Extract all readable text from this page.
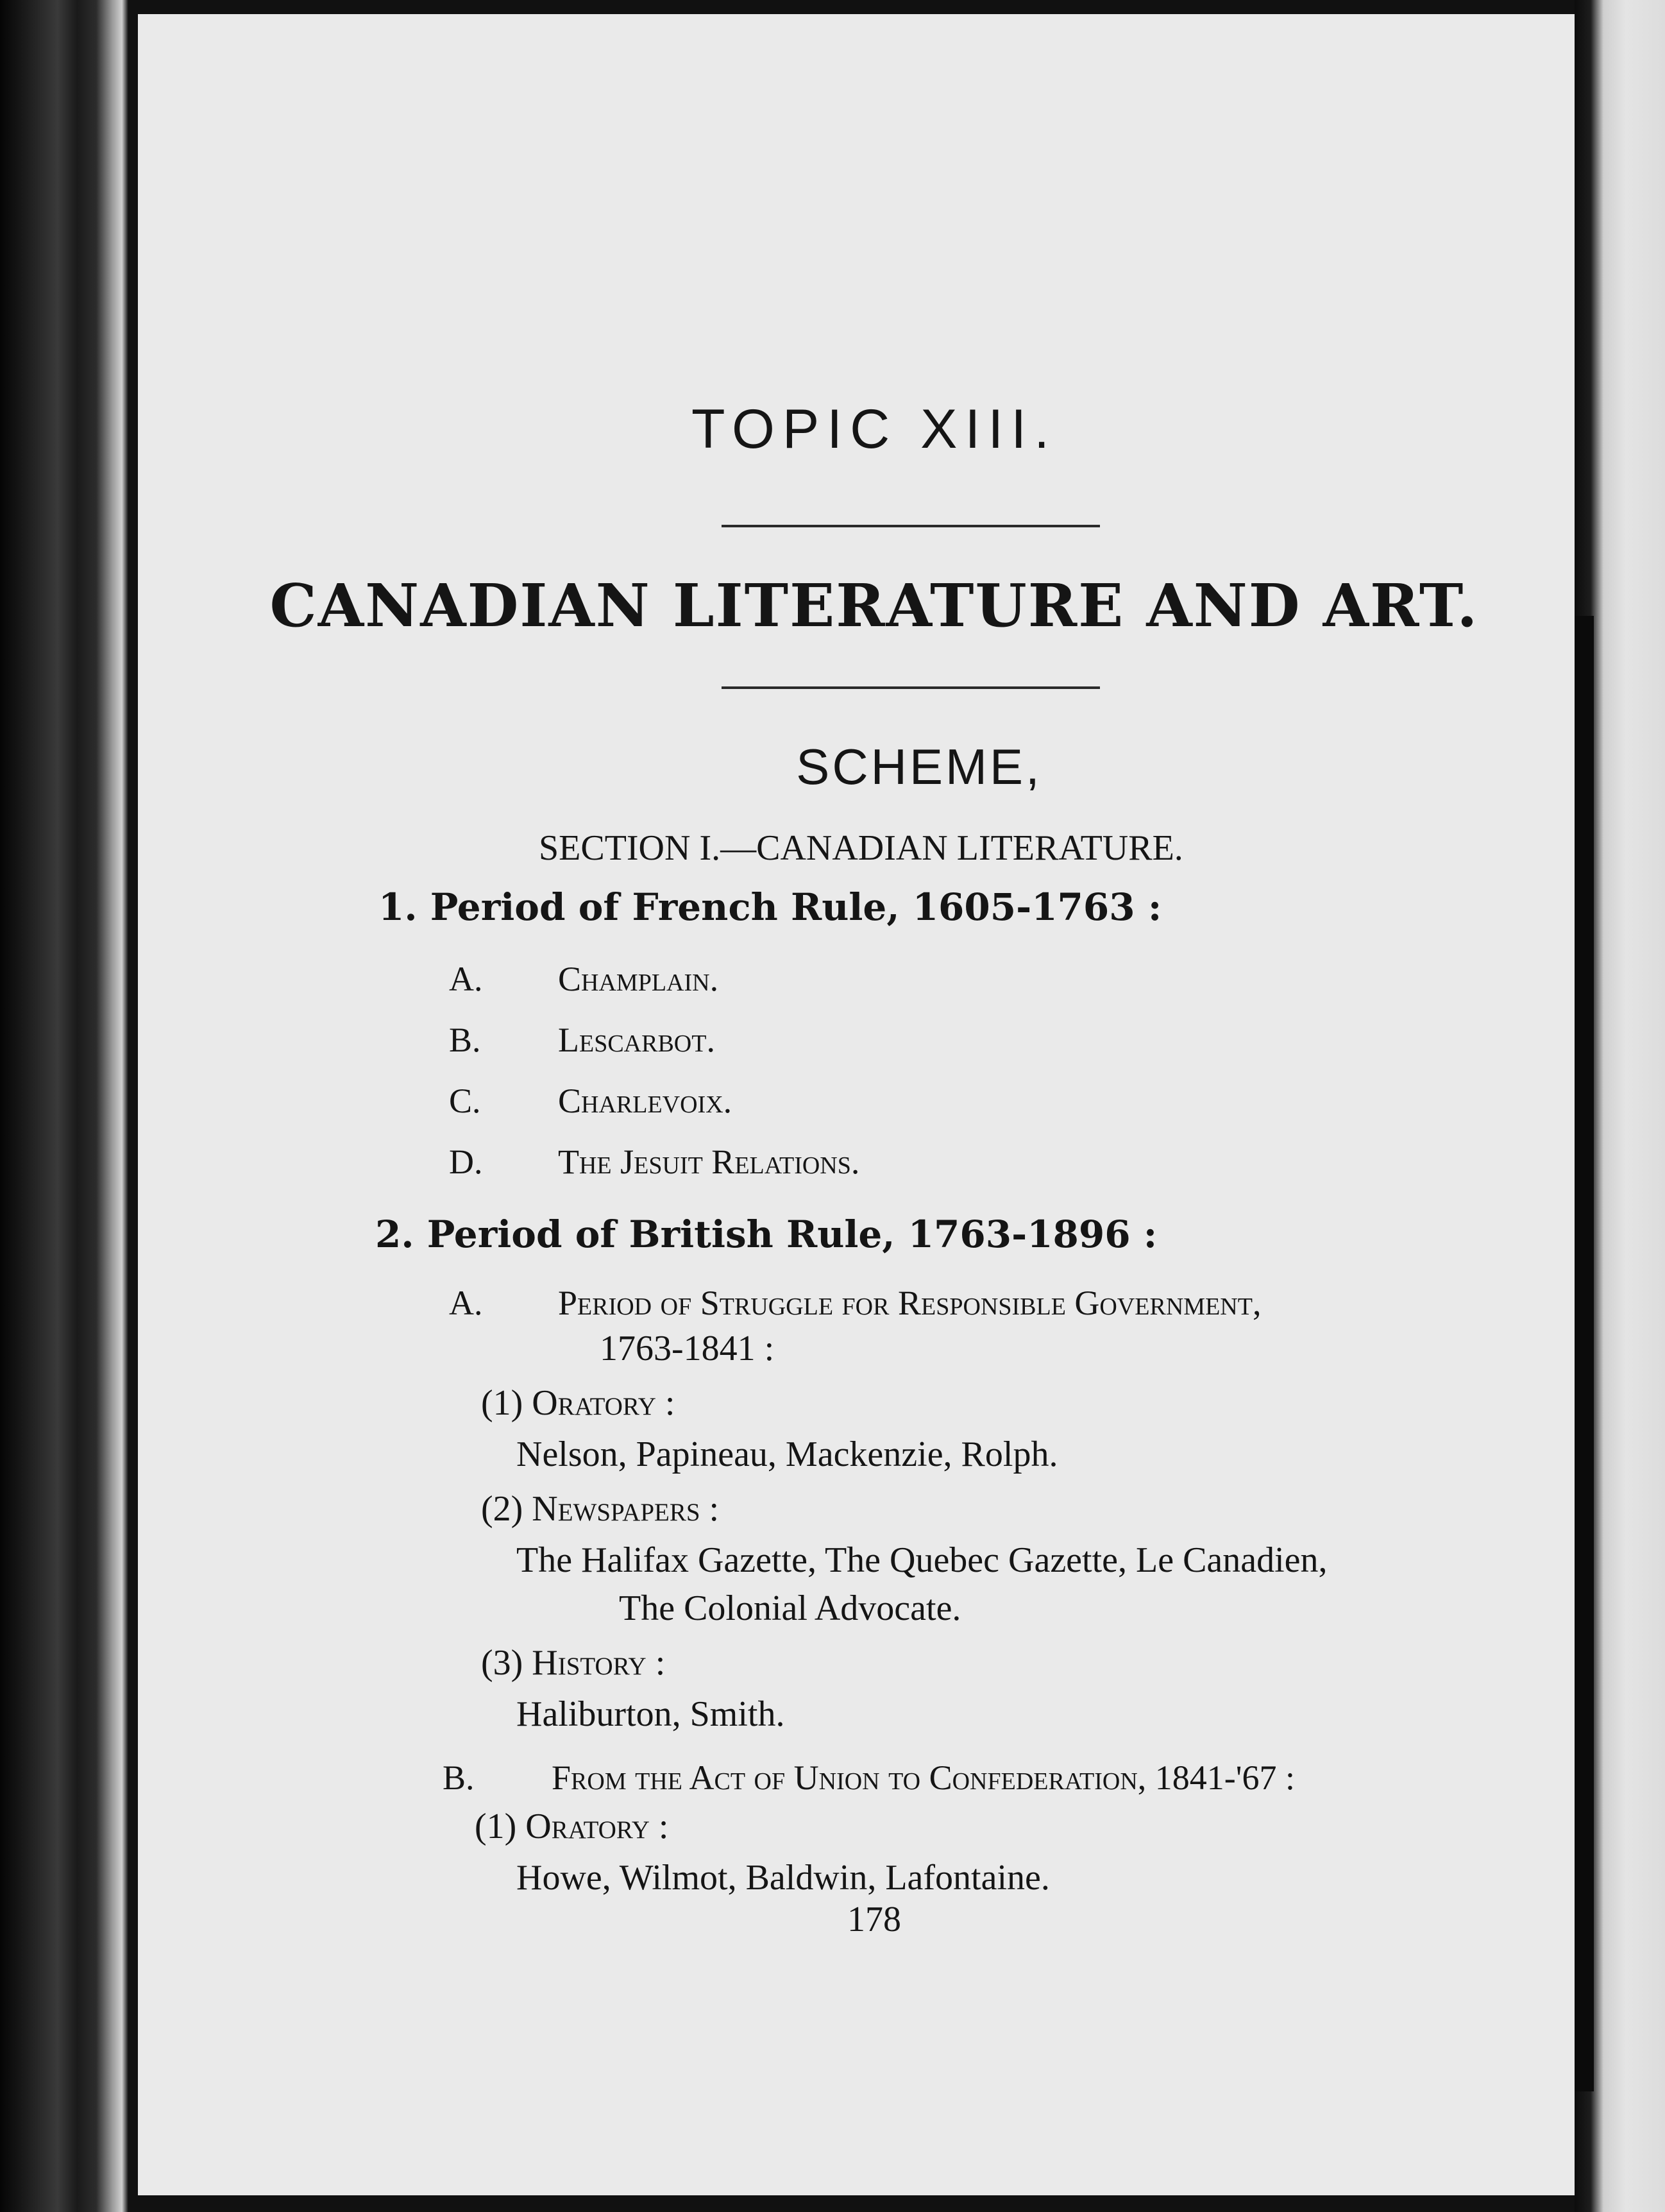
TOPIC XIII.
CANADIAN LITERATURE AND ART.
SCHEME,
SECTION I.—CANADIAN LITERATURE.
1. Period of French Rule, 1605-1763 :
A. Champlain.
B. Lescarbot.
C. Charlevoix.
D. The Jesuit Relations.
2. Period of British Rule, 1763-1896 :
A. Period of Struggle for Responsible Government,
1763-1841 :
(1) Oratory :
Nelson, Papineau, Mackenzie, Rolph.
(2) Newspapers :
The Halifax Gazette, The Quebec Gazette, Le Canadien,
The Colonial Advocate.
(3) History :
Haliburton, Smith.
B. From the Act of Union to Confederation, 1841-'67 :
(1) Oratory :
Howe, Wilmot, Baldwin, Lafontaine.
178
